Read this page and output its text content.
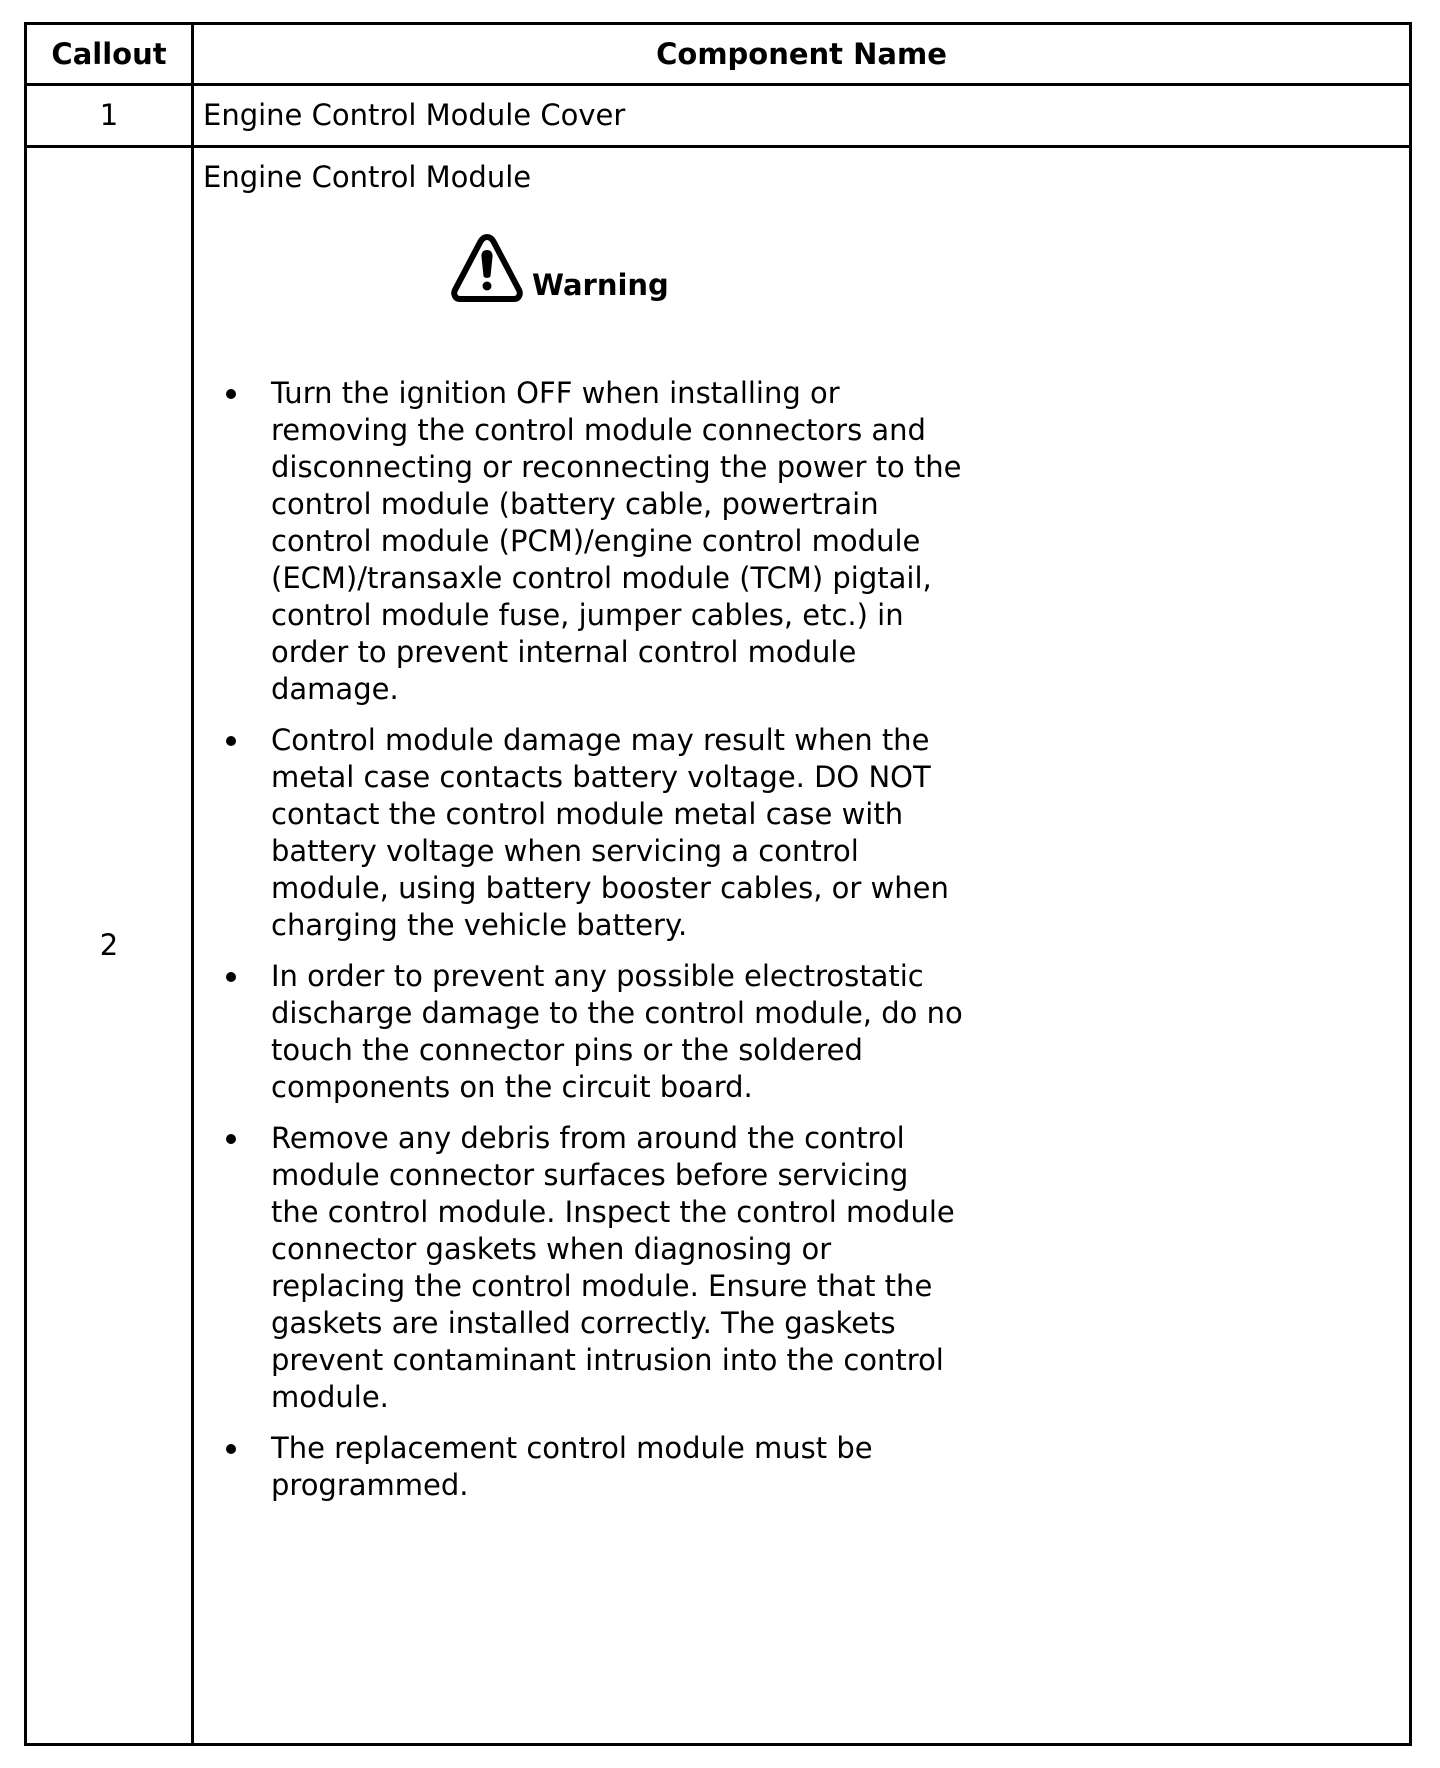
Callout	Component Name
1	Engine Control Module Cover
2
Engine Control Module
Warning
Turn the ignition OFF when installing or removing the control module connectors and disconnecting or reconnecting the power to the control module (battery cable, powertrain control module (PCM)/engine control module (ECM)/transaxle control module (TCM) pigtail, control module fuse, jumper cables, etc.) in order to prevent internal control module damage.
Control module damage may result when the metal case contacts battery voltage. DO NOT contact the control module metal case with battery voltage when servicing a control module, using battery booster cables, or when charging the vehicle battery.
In order to prevent any possible electrostatic discharge damage to the control module, do no touch the connector pins or the soldered components on the circuit board.
Remove any debris from around the control module connector surfaces before servicing the control module. Inspect the control module connector gaskets when diagnosing or replacing the control module. Ensure that the gaskets are installed correctly. The gaskets prevent contaminant intrusion into the control module.
The replacement control module must be programmed.
